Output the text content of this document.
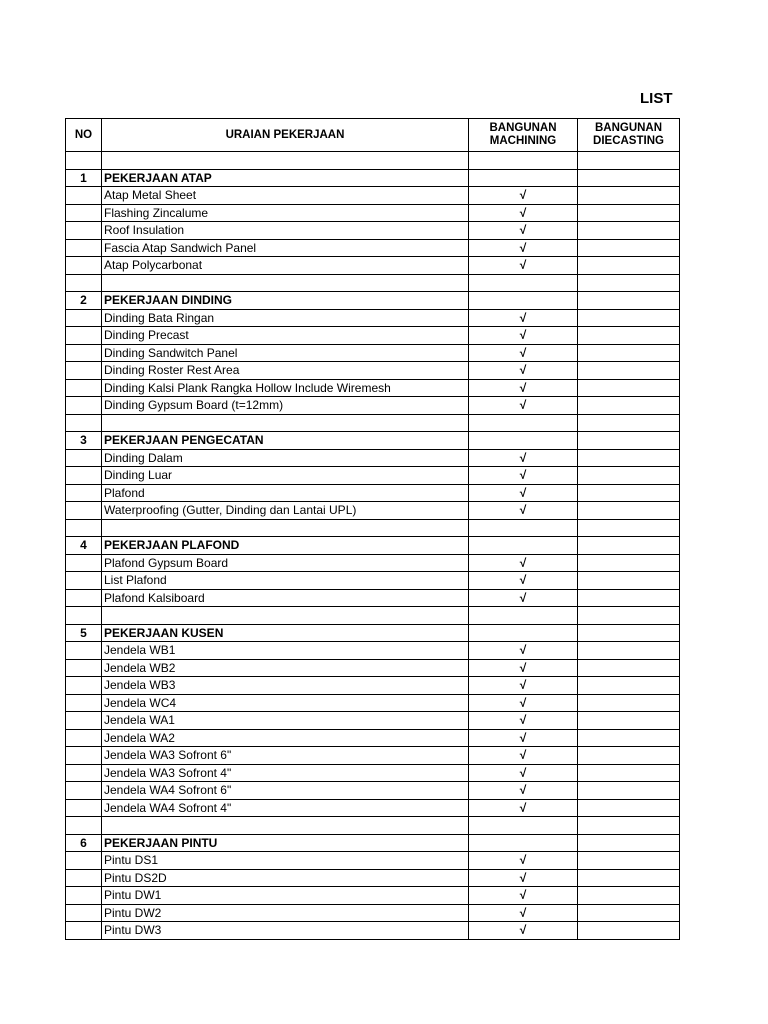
LIST
NO	URAIAN PEKERJAAN	BANGUNAN MACHINING	BANGUNAN DIECASTING

1	PEKERJAAN ATAP		
	Atap Metal Sheet	√	
	Flashing Zincalume	√	
	Roof Insulation	√	
	Fascia Atap Sandwich Panel	√	
	Atap Polycarbonat	√	

2	PEKERJAAN DINDING		
	Dinding Bata Ringan	√	
	Dinding Precast	√	
	Dinding Sandwitch Panel	√	
	Dinding Roster Rest Area	√	
	Dinding Kalsi Plank Rangka Hollow Include Wiremesh	√	
	Dinding Gypsum Board (t=12mm)	√	

3	PEKERJAAN PENGECATAN		
	Dinding Dalam	√	
	Dinding Luar	√	
	Plafond	√	
	Waterproofing (Gutter, Dinding dan Lantai UPL)	√	

4	PEKERJAAN PLAFOND		
	Plafond Gypsum Board	√	
	List Plafond	√	
	Plafond Kalsiboard	√	

5	PEKERJAAN KUSEN		
	Jendela WB1	√	
	Jendela WB2	√	
	Jendela WB3	√	
	Jendela WC4	√	
	Jendela WA1	√	
	Jendela WA2	√	
	Jendela WA3 Sofront 6"	√	
	Jendela WA3 Sofront 4"	√	
	Jendela WA4 Sofront 6"	√	
	Jendela WA4 Sofront 4"	√	

6	PEKERJAAN PINTU		
	Pintu DS1	√	
	Pintu DS2D	√	
	Pintu DW1	√	
	Pintu DW2	√	
	Pintu DW3	√	
